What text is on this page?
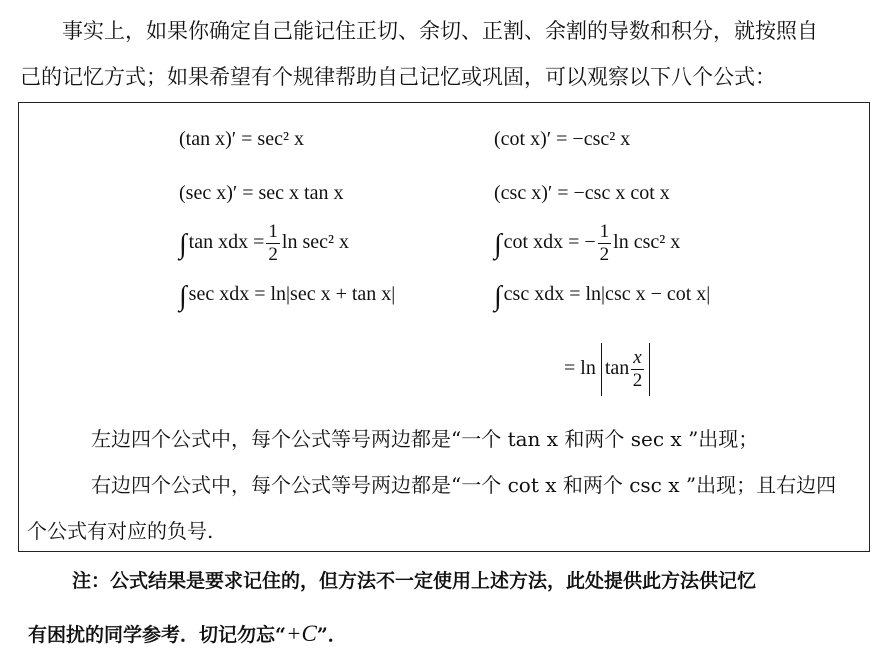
事实上，如果你确定自己能记住正切、余切、正割、余割的导数和积分，就按照自
己的记忆方式；如果希望有个规律帮助自己记忆或巩固，可以观察以下八个公式：
(tan x)′ = sec² x	(cot x)′ = −csc² x
(sec x)′ = sec x tan x	(csc x)′ = −csc x cot x
∫ tan xdx = $\frac{1}{2}$ ln sec² x	∫ cot xdx = − $\frac{1}{2}$ ln csc² x
∫ sec xdx = ln|sec x + tan x|	∫ csc xdx = ln|csc x − cot x|
= $\ln \tan \frac{x}{2}$
左边四个公式中，每个公式等号两边都是“一个 tan x 和两个 sec x ”出现；
右边四个公式中，每个公式等号两边都是“一个 cot x 和两个 csc x ”出现；且右边四
个公式有对应的负号.
注：公式结果是要求记住的，但方法不一定使用上述方法，此处提供此方法供记忆
有困扰的同学参考．切记勿忘“+C”．
